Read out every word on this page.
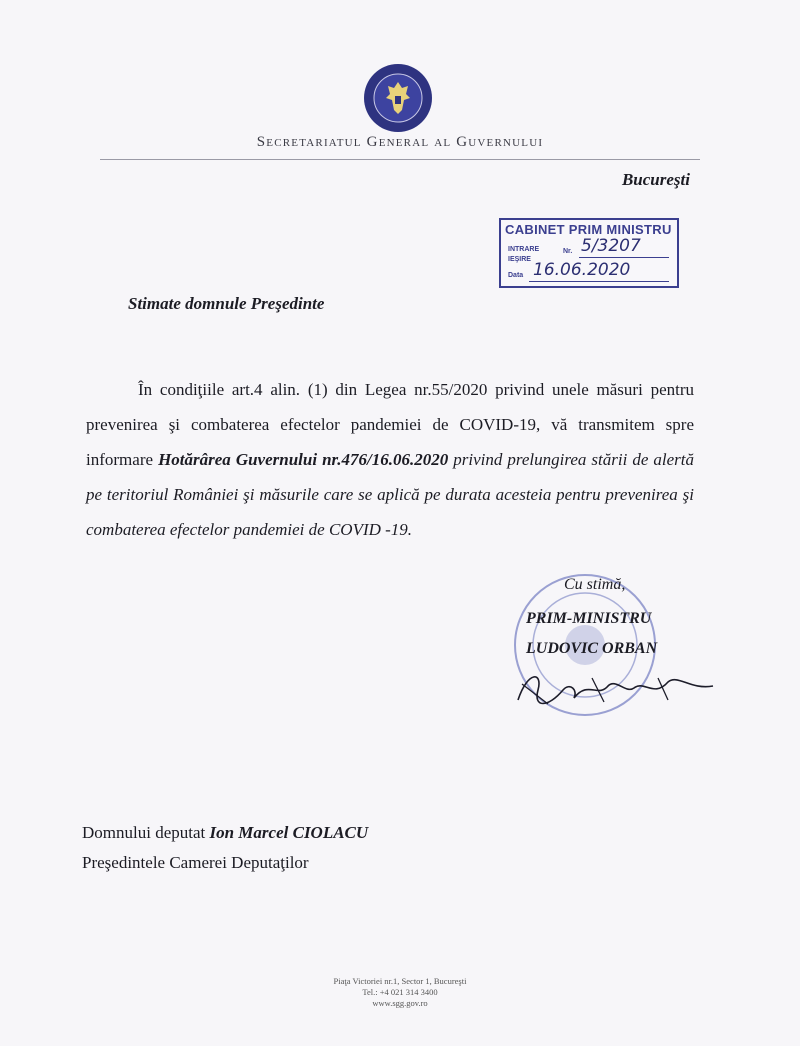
Secretariatul General al Guvernului
Bucureşti
CABINET PRIM MINISTRU
INTRARE
IEŞIRE
Nr. 5/3207
Data 16.06.2020
Stimate domnule Preşedinte

În condiţiile art.4 alin. (1) din Legea nr.55/2020 privind unele măsuri pentru prevenirea şi combaterea efectelor pandemiei de COVID-19, vă transmitem spre informare Hotărârea Guvernului nr.476/16.06.2020 privind prelungirea stării de alertă pe teritoriul României şi măsurile care se aplică pe durata acesteia pentru prevenirea şi combaterea efectelor pandemiei de COVID -19.

Cu stimă,
PRIM-MINISTRU
LUDOVIC ORBAN
Domnului deputat Ion Marcel CIOLACU
Preşedintele Camerei Deputaţilor
Piaţa Victoriei nr.1, Sector 1, Bucureşti
Tel.: +4 021 314 3400
www.sgg.gov.ro
